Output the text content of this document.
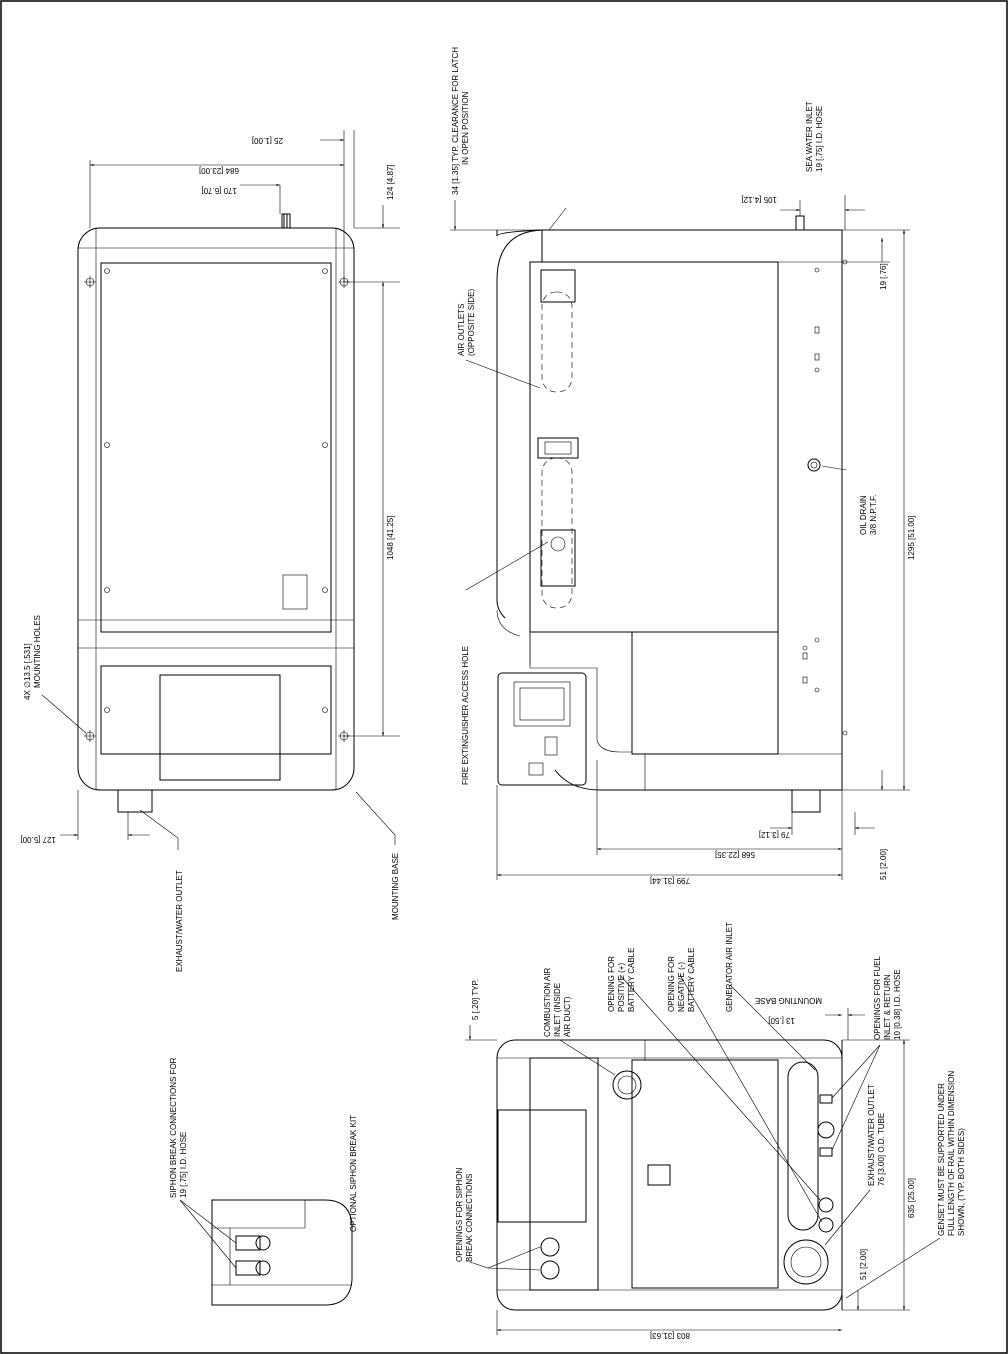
25 [1.00]
684 [23.00]
170 [6.70]	124 [4.87]
1048 [41.25]
127 [5.00]
4X ∅13.5 [.531] MOUNTING HOLES
EXHAUST/WATER OUTLET	MOUNTING BASE
34 [1.35] TYP. CLEARANCE FOR LATCH IN OPEN POSITION	SEA WATER INLET 19 [.75] I.D. HOSE
105 [4.12]
19 [.76]
AIR OUTLETS (OPPOSITE SIDE)
OIL DRAIN 3/8 N.P.T.F.
1295 [51.00]
FIRE EXTINGUISHER ACCESS HOLE
79 [3.12]
568 [22.35]	51 [2.00]
799 [31.44]
5 [.20] TYP.	COMBUSTION AIR INLET (INSIDE AIR DUCT)
OPENING FOR POSITIVE (+) BATTERY CABLE	OPENING FOR NEGATIVE (-) BATTERY CABLE	GENERATOR AIR INLET
13 [.50]
MOUNTING BASE	OPENINGS FOR FUEL INLET & RETURN 10 [0.38] I.D. HOSE
OPENINGS FOR SIPHON BREAK CONNECTIONS
EXHAUST/WATER OUTLET 76 [3.00] O.D. TUBE
635 [25.00]
51 [2.00]
GENSET MUST BE SUPPORTED UNDER FULL LENGTH OF RAIL WITHIN DIMENSION SHOWN, (TYP. BOTH SIDES)
803 [31.63]
SIPHON BREAK CONNECTIONS FOR 19 [.75] I.D. HOSE	OPTIONAL SIPHON BREAK KIT
